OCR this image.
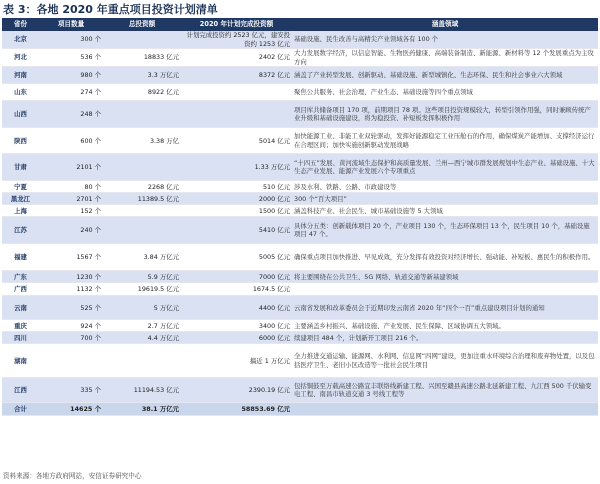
表 3：各地 2020 年重点项目投资计划清单
省份	项目数量	总投资额	2020 年计划完成投资额	涵盖领域
北京	300 个		计划完成投资约 2523 亿元，建安投资约 1253 亿元	基础设施、民生改善与高精尖产业领域各有 100 个
河北	536 个	18833 亿元	2402 亿元	大力发展数字经济，以信息智能、生物医药健康、高端装备制造、新能源、新材料等 12 个发展重点为主攻方向
河南	980 个	3.3 万亿元	8372 亿元	涵盖了产业转型发展、创新驱动、基础设施、新型城镇化、生态环保、民生和社会事业六大领域
山东	274 个	8922 亿元		聚焦公共服务、社会治理、产业生态、基础设施等四个重点领域
山西	248 个			项目库共储备项目 170 项，前期项目 78 项。这些项目投资规模较大，转型引领作用强，同时兼顾传统产业升级和基础设施建设，将为稳投资、补短板发挥积极作用
陕西	600 个	3.38 万亿	5014 亿元	加快能源工业、非能工业双轮驱动，发挥好能源稳定工业压舱石的作用，确保煤炭产能增加、支撑经济运行在合理区间；加快实施创新驱动发展战略
甘肃	2101 个		1.33 万亿元	“十四五”发展、黄河流域生态保护和高质量发展、兰州—西宁城市群发展规划中生态产业、基础设施、十大生态产业发展、能源产业发展六个专项重点
宁夏	80 个	2268 亿元	510 亿元	涉及水利、铁路、公路、市政建设等
黑龙江	2701 个	11389.5 亿元	2000 亿元	300 个“百大项目”
上海	152 个		1500 亿元	涵盖科技产业、社会民生、城市基础设施等 5 大领域
江苏	240 个		5410 亿元	具体分五类：创新载体项目 20 个，产业项目 130 个，生态环保项目 13 个，民生项目 10 个，基础设施项目 47 个。
福建	1567 个	3.84 万亿元	5005 亿元	确保重点项目加快推进、早见成效，充分发挥有效投资对经济增长、强动能、补短板、惠民生的积极作用。
广东	1230 个	5.9 万亿元	7000 亿元	将主要围绕在公共卫生、5G 网络、轨道交通等新基建领域
广西	1132 个	19619.5 亿元	1674.5 亿元	
云南	525 个	5 万亿元	4400 亿元	云南省发展和改革委员会于近期印发云南省 2020 年“四个一百”重点建设项目计划的通知
重庆	924 个	2.7 万亿元	3400 亿元	主要涵盖乡村振兴、基础设施、产业发展、民生保障、区域协调五大领域。
四川	700 个	4.4 万亿元	6000 亿元	续建项目 484 个，计划新开工项目 216 个。
湖南			搞近 1 万亿元	全力推进交通运输、能源网、水利网、信息网“四网”建设，更加注重水环境综合治理和废弃物处置，以及包括医疗卫生、老旧小区改造等一批社会民生项目
江西	335 个	11194.53 亿元	2390.19 亿元	包括铜鼓至万载高速公路宜丰联络线新建工程、兴国至赣县高速公路北延新建工程、九江西 500 千伏输变电工程、南昌市轨道交通 3 号线工程等
合计	14625 个	38.1 万亿元	58853.69 亿元	
资料来源：各地方政府网站，安信证券研究中心
